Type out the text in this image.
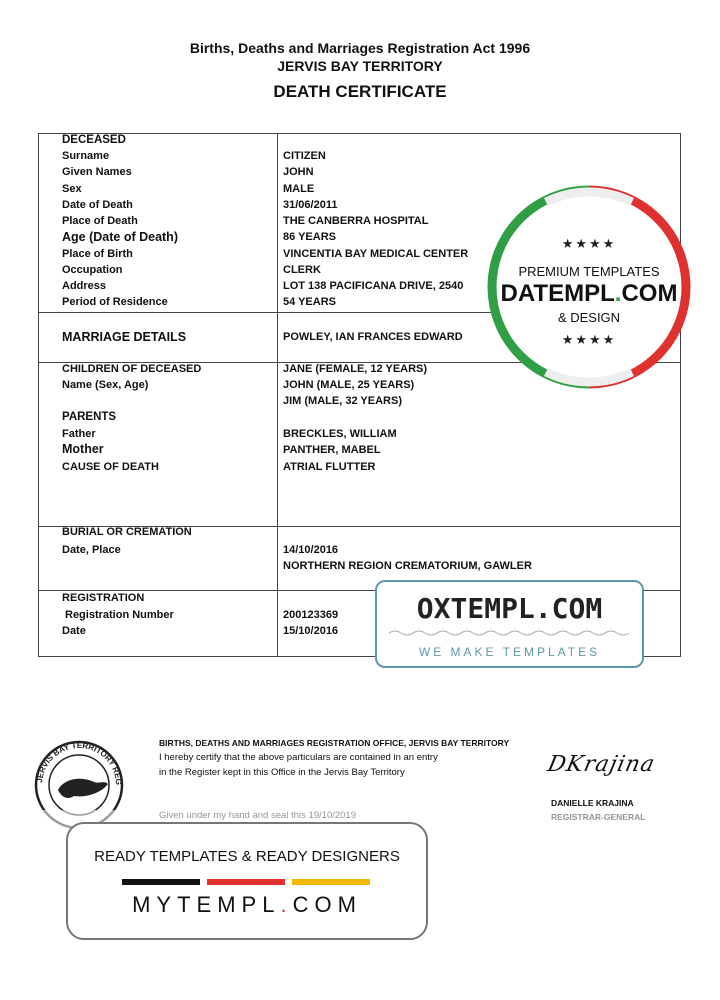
Births, Deaths and Marriages Registration Act 1996
JERVIS BAY TERRITORY
DEATH CERTIFICATE
DECEASED
Surname	CITIZEN
Given Names	JOHN
Sex	MALE
Date of Death	31/06/2011
Place of Death	THE CANBERRA HOSPITAL
Age (Date of Death)	86 YEARS
Place of Birth	VINCENTIA BAY MEDICAL CENTER
Occupation	CLERK
Address	LOT 138 PACIFICANA DRIVE, 2540
Period of Residence	54 YEARS
MARRIAGE DETAILS	POWLEY, IAN FRANCES EDWARD
CHILDREN OF DECEASED
Name (Sex, Age)
JANE (FEMALE, 12 YEARS)
JOHN (MALE, 25 YEARS)
JIM (MALE, 32 YEARS)
PARENTS
Father	BRECKLES, WILLIAM
Mother	PANTHER, MABEL
CAUSE OF DEATH	ATRIAL FLUTTER
BURIAL OR CREMATION
Date, Place	14/10/2016
NORTHERN REGION CREMATORIUM, GAWLER
REGISTRATION
Registration Number	200123369
Date	15/10/2016
JERVIS BAY TERRITORY REG
BIRTHS, DEATHS AND MARRIAGES REGISTRATION OFFICE, JERVIS BAY TERRITORY
I hereby certify that the above particulars are contained in an entry
in the Register kept in this Office in the Jervis Bay Territory	DKrajina
DANIELLE KRAJINA
★★★★
PREMIUM TEMPLATES
DATEMPL.COM
& DESIGN
★★★★
OXTEMPL.COM
WE MAKE TEMPLATES
READY TEMPLATES & READY DESIGNERS
MYTEMPL.COM
